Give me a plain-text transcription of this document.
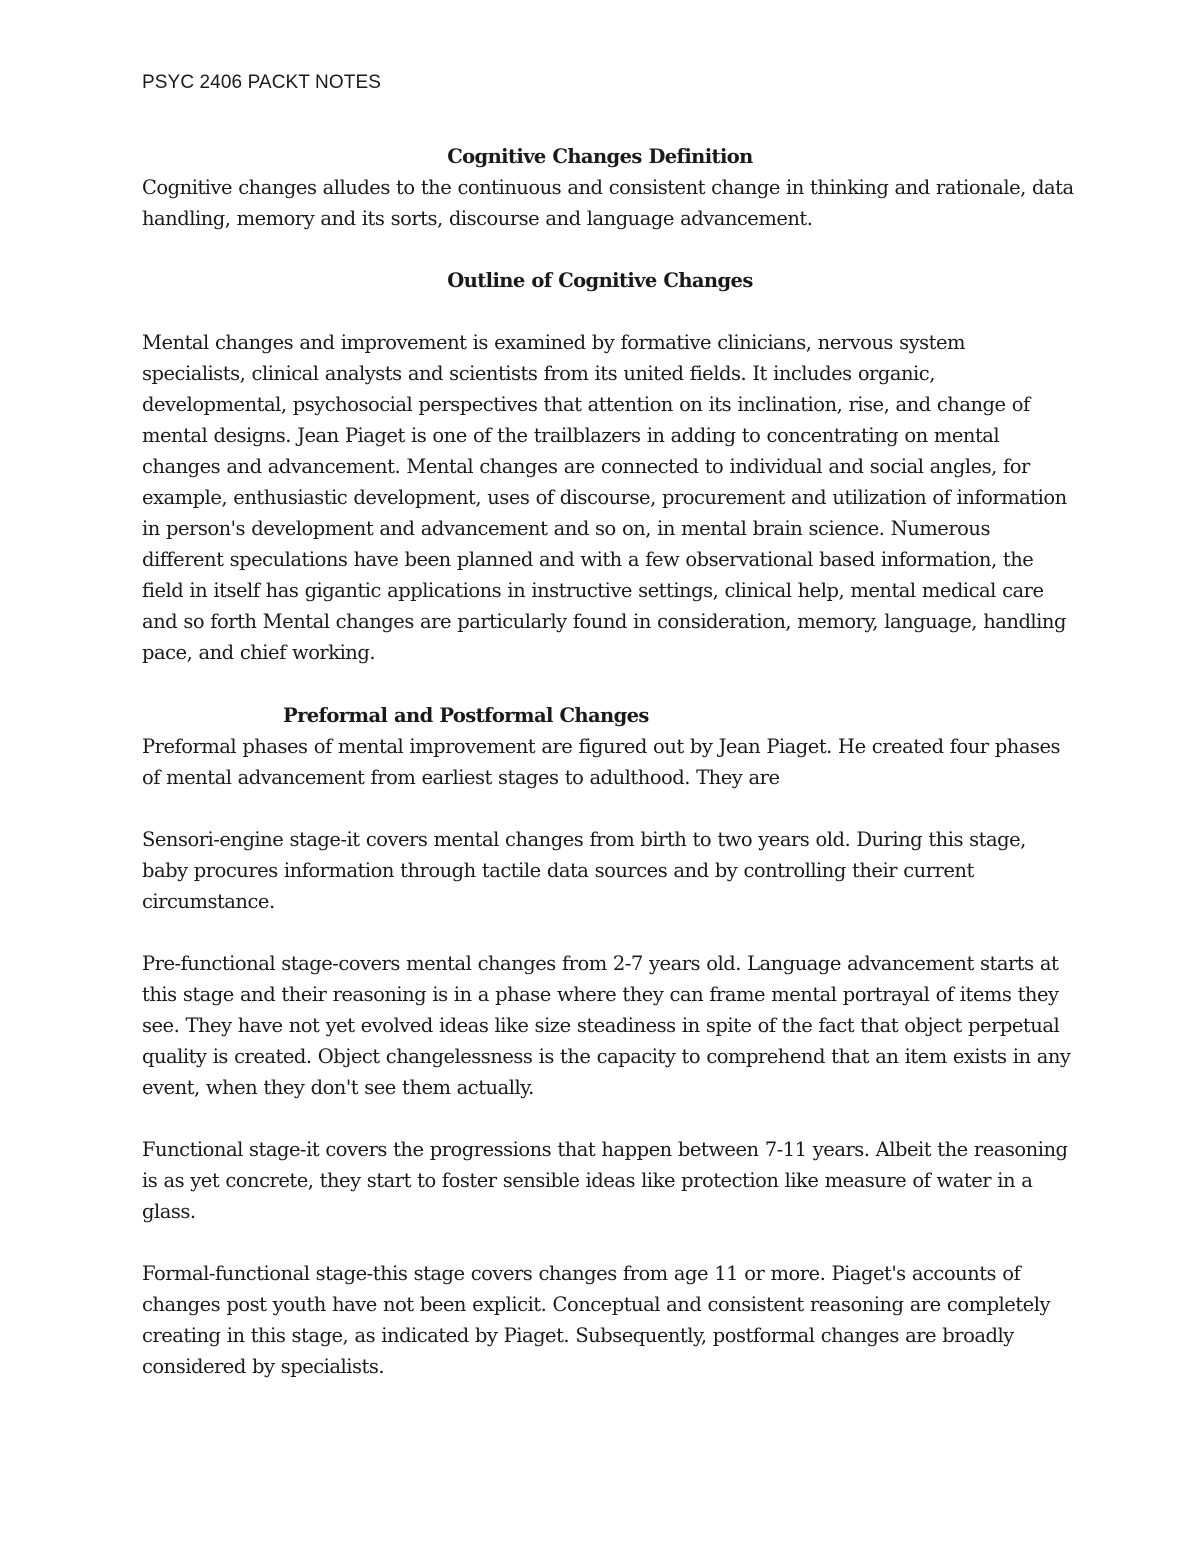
PSYC 2406 PACKT NOTES
Cognitive Changes Definition
Cognitive changes alludes to the continuous and consistent change in thinking and rationale, data
handling, memory and its sorts, discourse and language advancement.
Outline of Cognitive Changes
Mental changes and improvement is examined by formative clinicians, nervous system
specialists, clinical analysts and scientists from its united fields. It includes organic,
developmental, psychosocial perspectives that attention on its inclination, rise, and change of
mental designs. Jean Piaget is one of the trailblazers in adding to concentrating on mental
changes and advancement. Mental changes are connected to individual and social angles, for
example, enthusiastic development, uses of discourse, procurement and utilization of information
in person's development and advancement and so on, in mental brain science. Numerous
different speculations have been planned and with a few observational based information, the
field in itself has gigantic applications in instructive settings, clinical help, mental medical care
and so forth Mental changes are particularly found in consideration, memory, language, handling
pace, and chief working.
Preformal and Postformal Changes
Preformal phases of mental improvement are figured out by Jean Piaget. He created four phases
of mental advancement from earliest stages to adulthood. They are
Sensori-engine stage-it covers mental changes from birth to two years old. During this stage,
baby procures information through tactile data sources and by controlling their current
circumstance.
Pre-functional stage-covers mental changes from 2-7 years old. Language advancement starts at
this stage and their reasoning is in a phase where they can frame mental portrayal of items they
see. They have not yet evolved ideas like size steadiness in spite of the fact that object perpetual
quality is created. Object changelessness is the capacity to comprehend that an item exists in any
event, when they don't see them actually.
Functional stage-it covers the progressions that happen between 7-11 years. Albeit the reasoning
is as yet concrete, they start to foster sensible ideas like protection like measure of water in a
glass.
Formal-functional stage-this stage covers changes from age 11 or more. Piaget's accounts of
changes post youth have not been explicit. Conceptual and consistent reasoning are completely
creating in this stage, as indicated by Piaget. Subsequently, postformal changes are broadly
considered by specialists.
